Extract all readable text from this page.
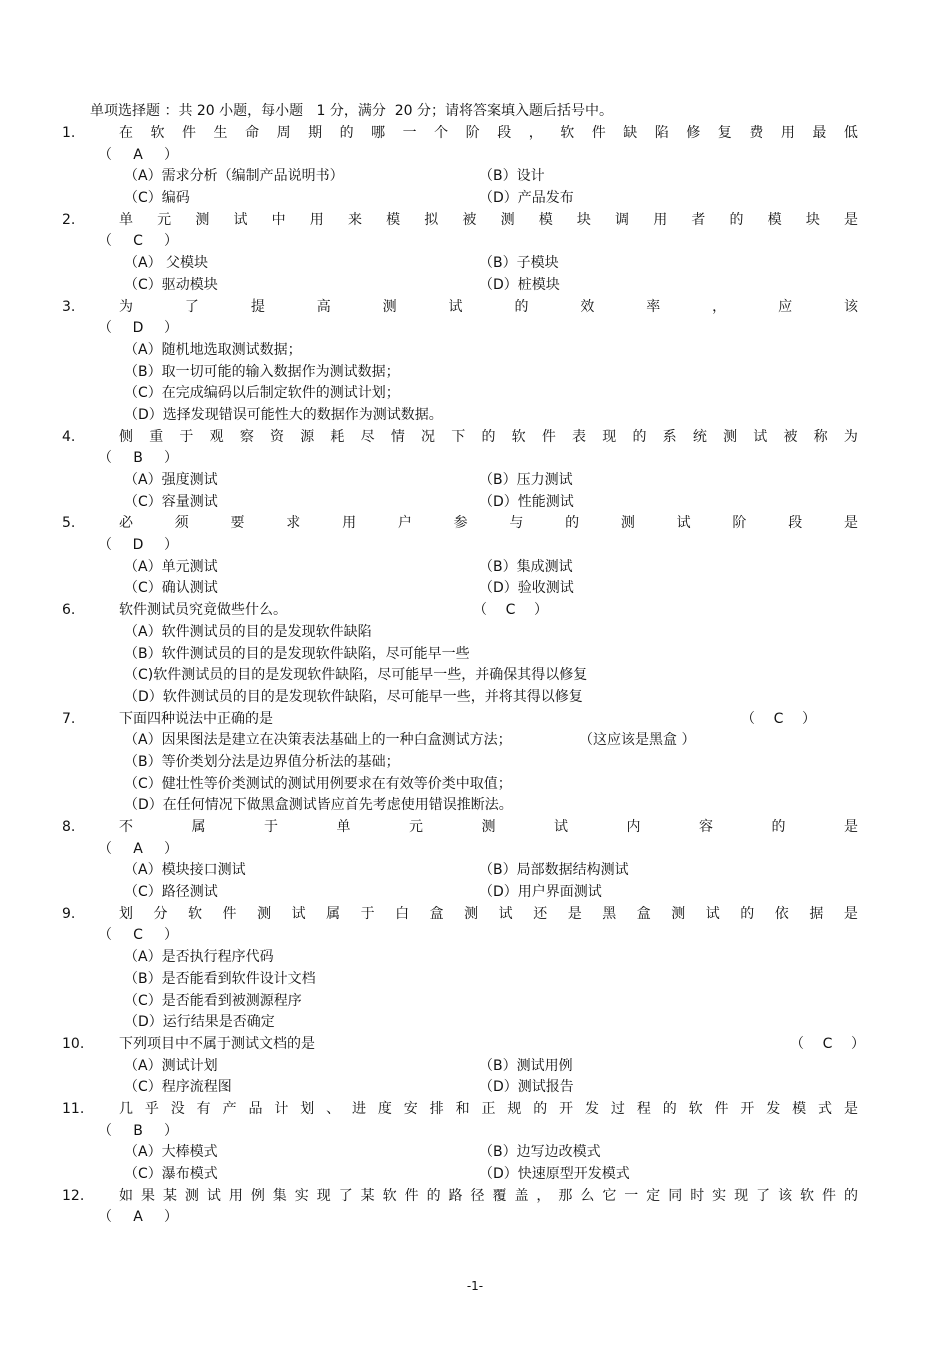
单项选择题 ：共 20 小题，每小题   1 分，满分  20 分；请将答案填入题后括号中。
1.	在 软 件 生 命 周 期 的 哪 一 个 阶 段 ， 软 件 缺 陷 修 复 费 用 最 低
（ A ）
（A）需求分析（编制产品说明书）	（B）设计
（C）编码	（D）产品发布
2.	单 元 测 试 中 用 来 模 拟 被 测 模 块 调 用 者 的 模 块 是
（ C ）
（A） 父模块	（B）子模块
（C）驱动模块	（D）桩模块
3.	为	了	提	高	测	试	的	效	率	，	应	该
（ D ）
（A）随机地选取测试数据；
（B）取一切可能的输入数据作为测试数据；
（C）在完成编码以后制定软件的测试计划；
（D）选择发现错误可能性大的数据作为测试数据。
4.	侧 重 于 观 察 资 源 耗 尽 情 况 下 的 软 件 表 现 的 系 统 测 试 被 称 为
（ B ）
（A）强度测试	（B）压力测试
（C）容量测试	（D）性能测试
5.	必	须	要	求	用	户	参	与	的	测	试	阶	段	是
（ D ）
（A）单元测试	（B）集成测试
（C）确认测试	（D）验收测试
6.	软件测试员究竟做些什么。	（ C ）
（A）软件测试员的目的是发现软件缺陷
（B）软件测试员的目的是发现软件缺陷，尽可能早一些
（C)软件测试员的目的是发现软件缺陷，尽可能早一些，并确保其得以修复
（D）软件测试员的目的是发现软件缺陷，尽可能早一些，并将其得以修复
7.	下面四种说法中正确的是	（ C ）
（A）因果图法是建立在决策表法基础上的一种白盒测试方法；	（这应该是黑盒 ）
（B）等价类划分法是边界值分析法的基础；
（C）健壮性等价类测试的测试用例要求在有效等价类中取值；
（D）在任何情况下做黑盒测试皆应首先考虑使用错误推断法。
8.	不	属	于	单	元	测	试	内	容	的	是
（ A ）
（A）模块接口测试	（B）局部数据结构测试
（C）路径测试	（D）用户界面测试
9.	划 分 软 件 测 试 属 于 白 盒 测 试 还 是 黑 盒 测 试 的 依 据 是
（ C ）
（A）是否执行程序代码
（B）是否能看到软件设计文档
（C）是否能看到被测源程序
（D）运行结果是否确定
10. 下列项目中不属于测试文档的是	（ C ）
（A）测试计划	（B）测试用例
（C）程序流程图	（D）测试报告
11. 几 乎 没 有 产 品 计 划 、 进 度 安 排 和 正 规 的 开 发 过 程 的 软 件 开 发 模 式 是
（ B ）
（A）大棒模式	（B）边写边改模式
（C）瀑布模式	（D）快速原型开发模式
12. 如 果 某 测 试 用 例 集 实 现 了 某 软 件 的 路 径 覆 盖 ， 那 么 它 一 定 同 时 实 现 了 该 软 件 的
（ A ）
-1-
